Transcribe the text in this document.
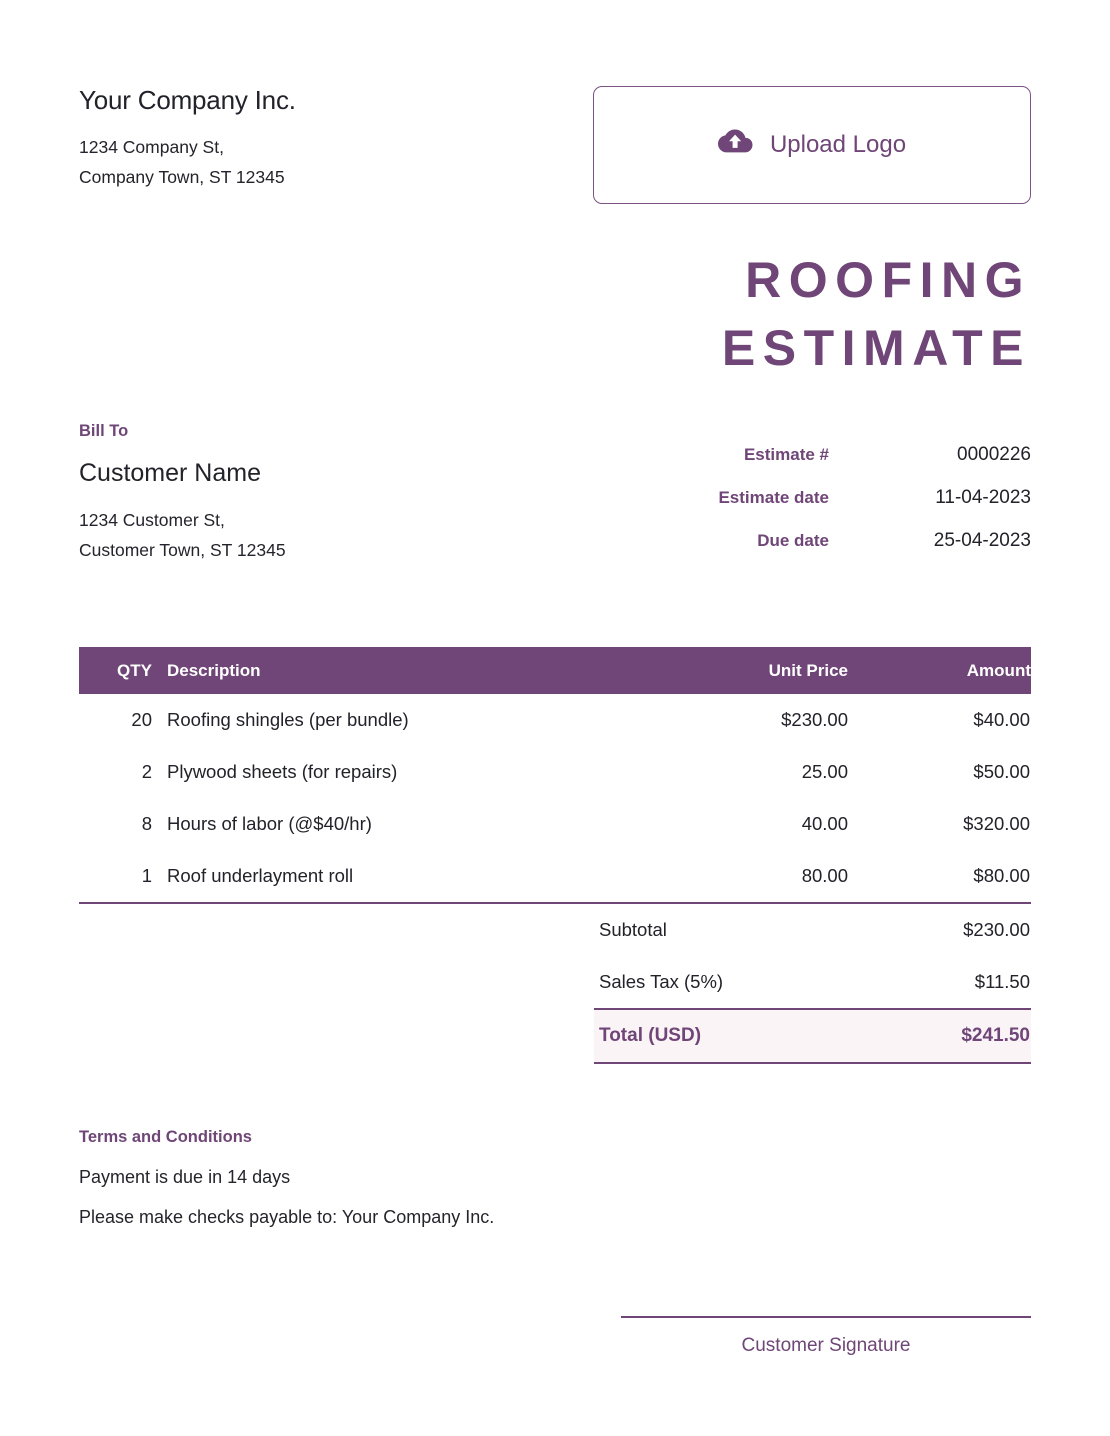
Your Company Inc.
1234 Company St,
Company Town, ST 12345
Upload Logo
ROOFING
ESTIMATE
Bill To
Customer Name
1234 Customer St,
Customer Town, ST 12345
Estimate #	0000226
Estimate date	11-04-2023
Due date	25-04-2023
QTY	Description	Unit Price	Amount
20	Roofing shingles (per bundle)	$230.00	$40.00
2	Plywood sheets (for repairs)	25.00	$50.00
8	Hours of labor (@$40/hr)	40.00	$320.00
1	Roof underlayment roll	80.00	$80.00
Subtotal	$230.00
Sales Tax (5%)	$11.50
Total (USD)	$241.50
Terms and Conditions
Payment is due in 14 days
Please make checks payable to: Your Company Inc.
Customer Signature
